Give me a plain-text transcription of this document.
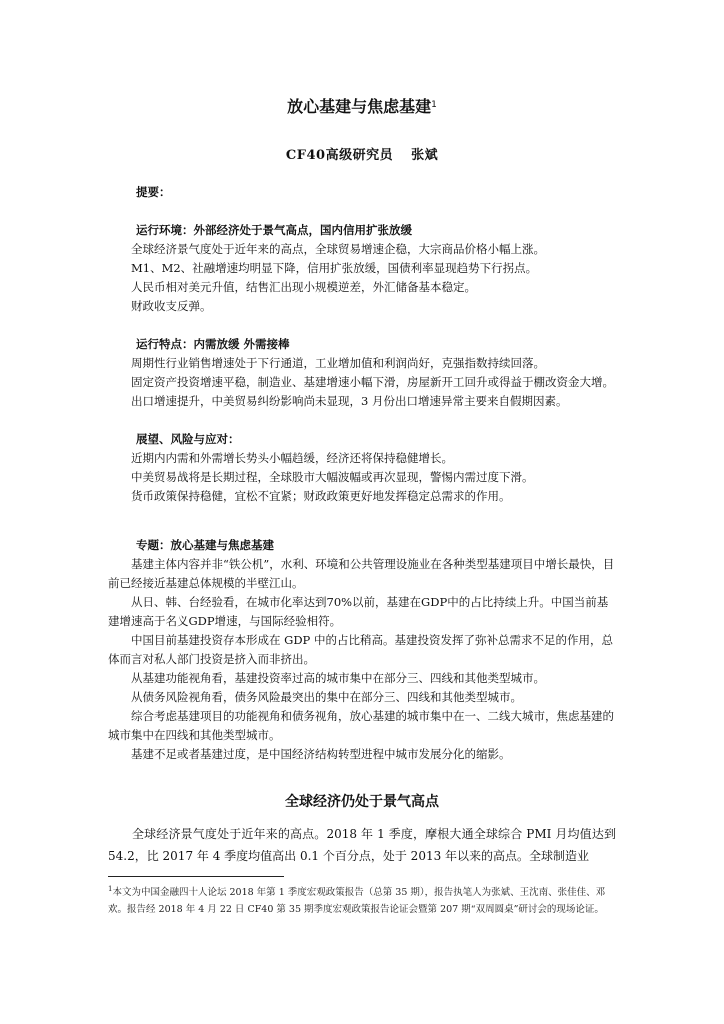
放心基建与焦虑基建$^1$
CF40高级研究员 张斌

提要：

运行环境：外部经济处于景气高点，国内信用扩张放缓

全球经济景气度处于近年来的高点，全球贸易增速企稳，大宗商品价格小幅上涨。

M1、M2、社融增速均明显下降，信用扩张放缓，国债利率显现趋势下行拐点。

人民币相对美元升值，结售汇出现小规模逆差，外汇储备基本稳定。

财政收支反弹。

运行特点：内需放缓 外需接棒

周期性行业销售增速处于下行通道，工业增加值和利润尚好，克强指数持续回落。

固定资产投资增速平稳，制造业、基建增速小幅下滑，房屋新开工回升或得益于棚改资金大增。

出口增速提升，中美贸易纠纷影响尚未显现，3 月份出口增速异常主要来自假期因素。

展望、风险与应对：

近期内内需和外需增长势头小幅趋缓，经济还将保持稳健增长。

中美贸易战将是长期过程，全球股市大幅波幅或再次显现，警惕内需过度下滑。

货币政策保持稳健，宜松不宜紧；财政政策更好地发挥稳定总需求的作用。

专题：放心基建与焦虑基建

基建主体内容并非“铁公机”，水利、环境和公共管理设施业在各种类型基建项目中增长最快，目前已经接近基建总体规模的半壁江山。

从日、韩、台经验看，在城市化率达到70%以前，基建在GDP中的占比持续上升。中国当前基建增速高于名义GDP增速，与国际经验相符。

中国目前基建投资存本形成在 GDP 中的占比稍高。基建投资发挥了弥补总需求不足的作用，总体而言对私人部门投资是挤入而非挤出。

从基建功能视角看，基建投资率过高的城市集中在部分三、四线和其他类型城市。

从债务风险视角看，债务风险最突出的集中在部分三、四线和其他类型城市。

综合考虑基建项目的功能视角和债务视角，放心基建的城市集中在一、二线大城市，焦虑基建的城市集中在四线和其他类型城市。

基建不足或者基建过度，是中国经济结构转型进程中城市发展分化的缩影。

全球经济仍处于景气高点

全球经济景气度处于近年来的高点。2018 年 1 季度，摩根大通全球综合 PMI 月均值达到 54.2，比 2017 年 4 季度均值高出 0.1 个百分点，处于 2013 年以来的高点。全球制造业

$^1$本文为中国金融四十人论坛 2018 年第 1 季度宏观政策报告（总第 35 期），报告执笔人为张斌、王沈南、张佳佳、邓欢。报告经 2018 年 4 月 22 日 CF40 第 35 期季度宏观政策报告论证会暨第 207 期“双周圆桌”研讨会的现场论证。
